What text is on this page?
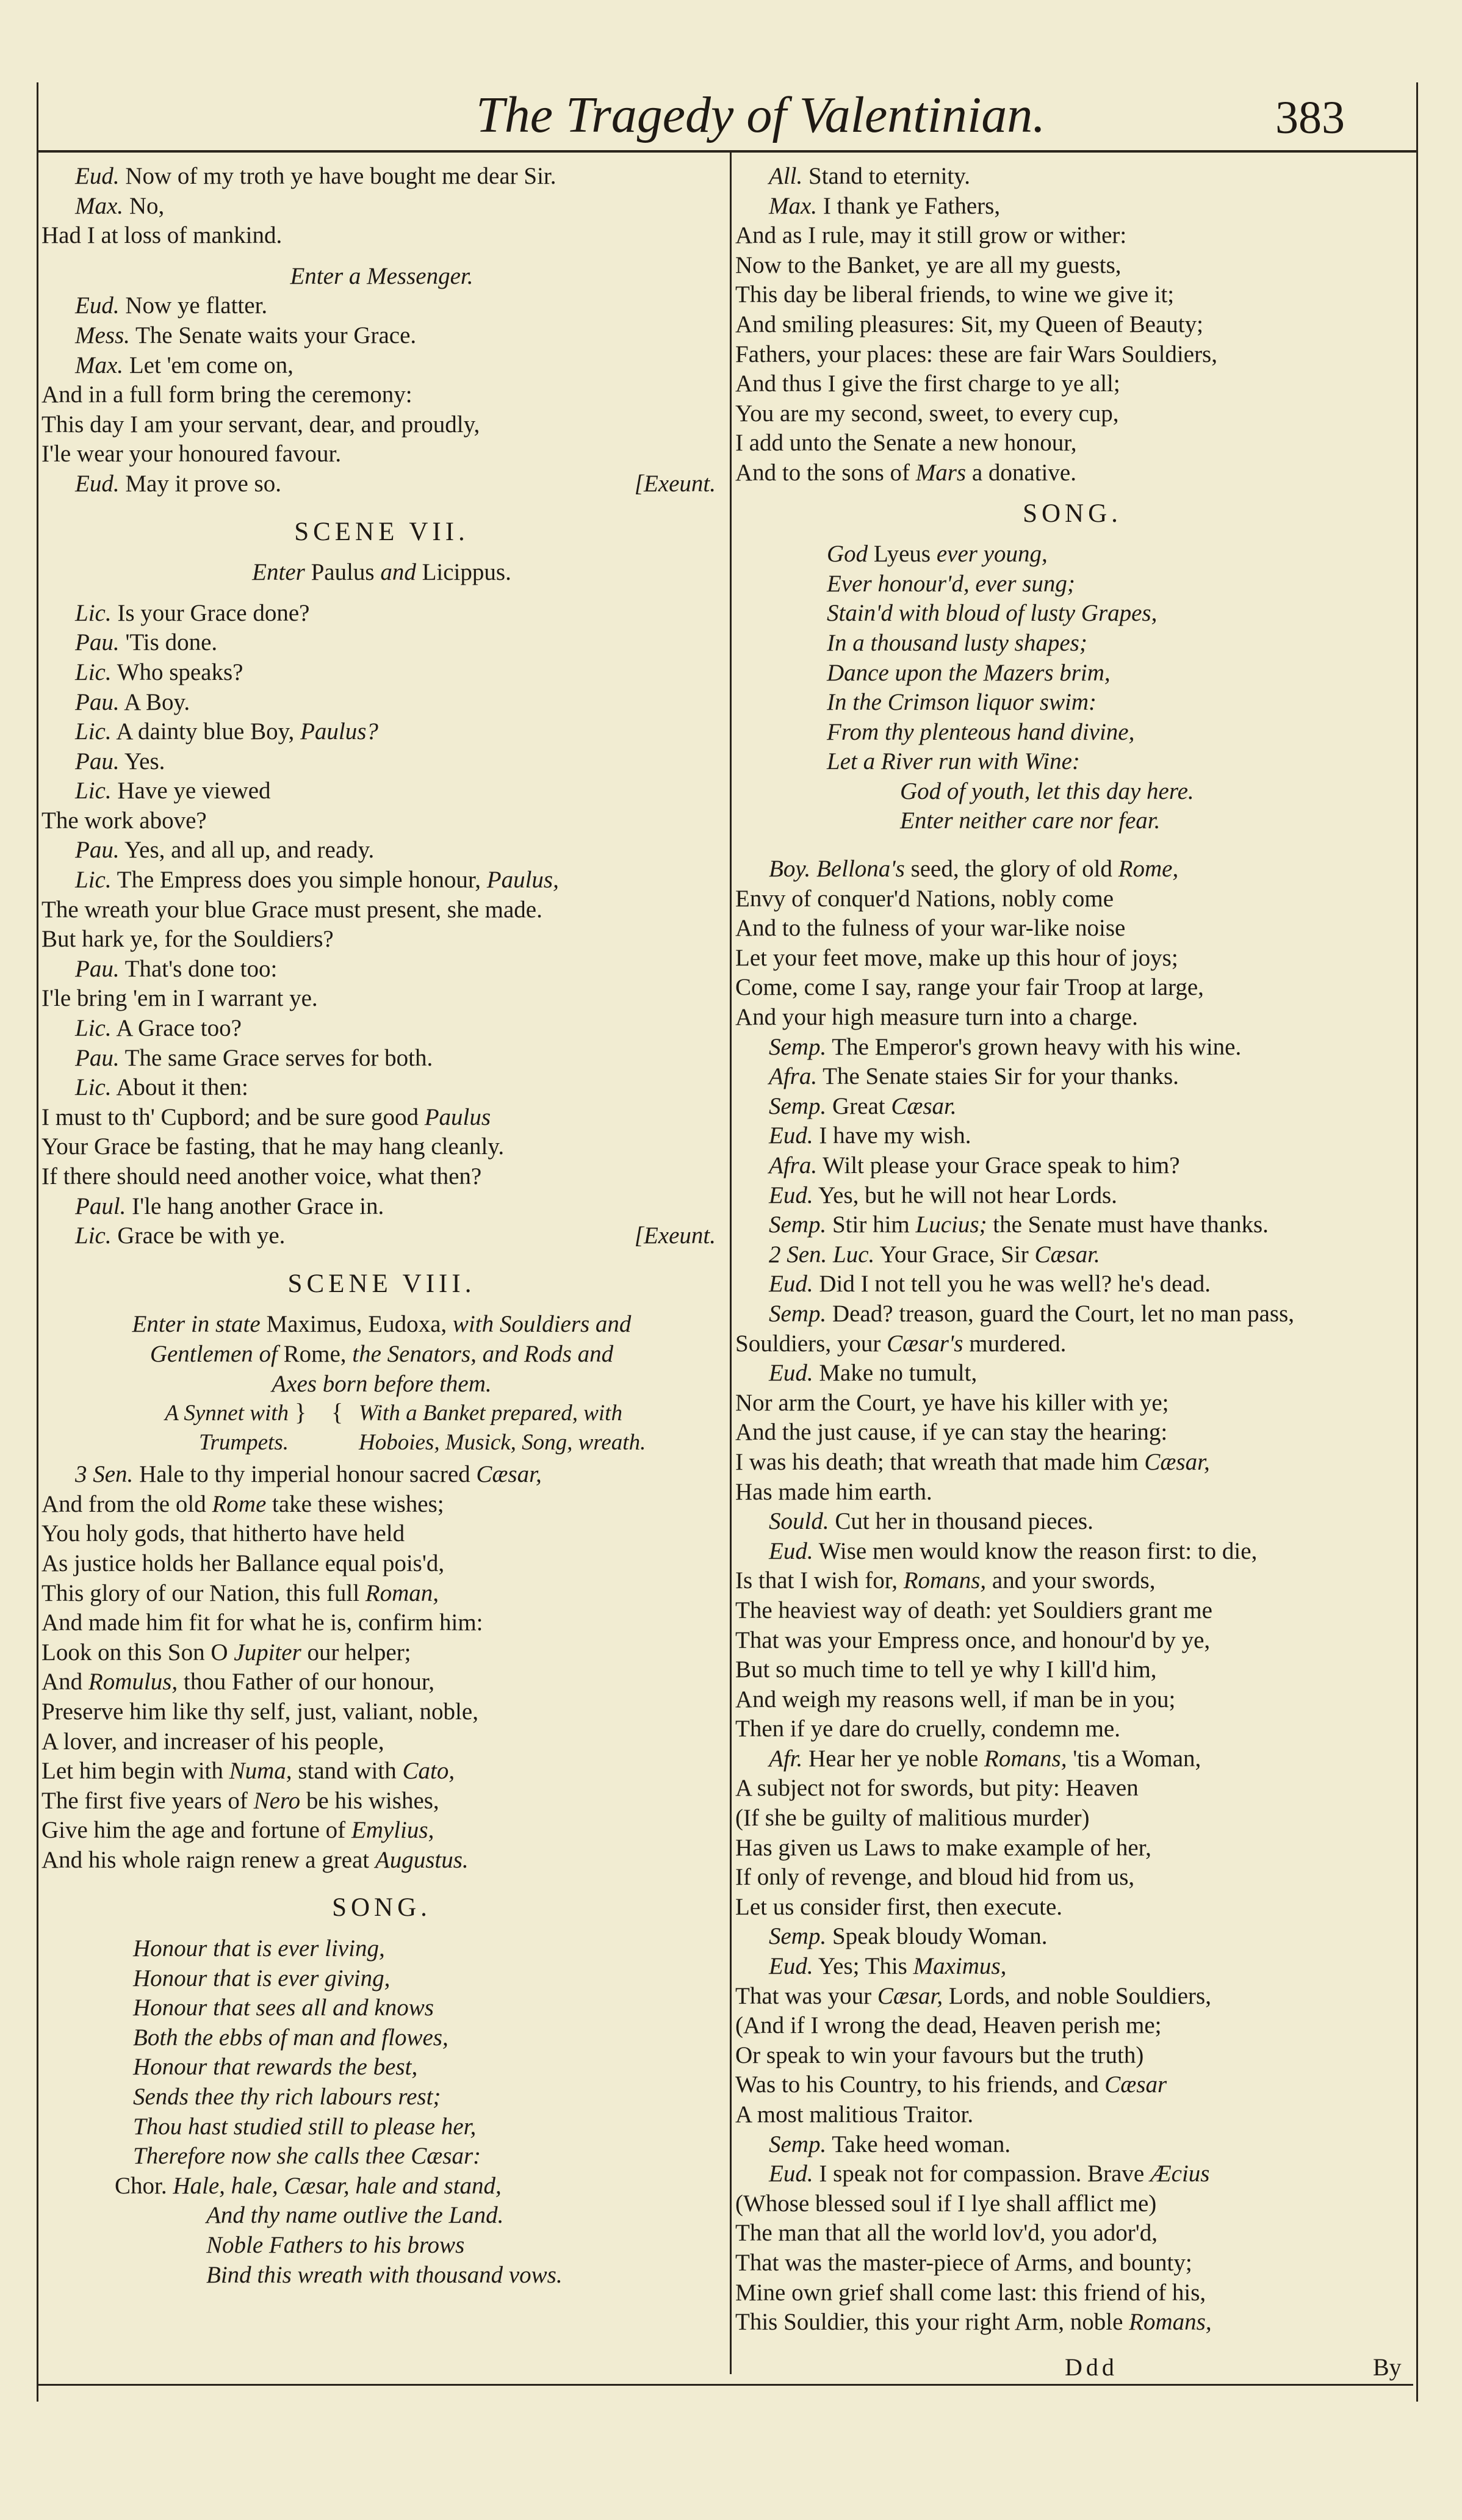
The Tragedy of Valentinian.	383
Eud. Now of my troth ye have bought me dear Sir.
Max. No,
Had I at loss of mankind.
Enter a Messenger.
Eud. Now ye flatter.
Mess. The Senate waits your Grace.
Max. Let 'em come on,
And in a full form bring the ceremony:
This day I am your servant, dear, and proudly,
I'le wear your honoured favour.
Eud. May it prove so.	[Exeunt.
SCENE VII.
Enter Paulus and Licippus.
Lic. Is your Grace done?
Pau. 'Tis done.
Lic. Who speaks?
Pau. A Boy.
Lic. A dainty blue Boy, Paulus?
Pau. Yes.
Lic. Have ye viewed
The work above?
Pau. Yes, and all up, and ready.
Lic. The Empress does you simple honour, Paulus,
The wreath your blue Grace must present, she made.
But hark ye, for the Souldiers?
Pau. That's done too:
I'le bring 'em in I warrant ye.
Lic. A Grace too?
Pau. The same Grace serves for both.
Lic. About it then:
I must to th' Cupbord; and be sure good Paulus
Your Grace be fasting, that he may hang cleanly.
If there should need another voice, what then?
Paul. I'le hang another Grace in.
Lic. Grace be with ye.	[Exeunt.
SCENE VIII.
Enter in state Maximus, Eudoxa, with Souldiers and
Gentlemen of Rome, the Senators, and Rods and
Axes born before them.
A Synnet with
Trumpets.
} { With a Banket prepared, with
Hoboies, Musick, Song, wreath.
3 Sen. Hale to thy imperial honour sacred Cæsar,
And from the old Rome take these wishes;
You holy gods, that hitherto have held
As justice holds her Ballance equal pois'd,
This glory of our Nation, this full Roman,
And made him fit for what he is, confirm him:
Look on this Son O Jupiter our helper;
And Romulus, thou Father of our honour,
Preserve him like thy self, just, valiant, noble,
A lover, and increaser of his people,
Let him begin with Numa, stand with Cato,
The first five years of Nero be his wishes,
Give him the age and fortune of Emylius,
And his whole raign renew a great Augustus.
SONG.
Honour that is ever living,
Honour that is ever giving,
Honour that sees all and knows
Both the ebbs of man and flowes,
Honour that rewards the best,
Sends thee thy rich labours rest;
Thou hast studied still to please her,
Therefore now she calls thee Cæsar:
Chor. Hale, hale, Cæsar, hale and stand,
And thy name outlive the Land.
Noble Fathers to his brows
Bind this wreath with thousand vows.
All. Stand to eternity.
Max. I thank ye Fathers,
And as I rule, may it still grow or wither:
Now to the Banket, ye are all my guests,
This day be liberal friends, to wine we give it;
And smiling pleasures: Sit, my Queen of Beauty;
Fathers, your places: these are fair Wars Souldiers,
And thus I give the first charge to ye all;
You are my second, sweet, to every cup,
I add unto the Senate a new honour,
And to the sons of Mars a donative.
SONG.
God Lyeus ever young,
Ever honour'd, ever sung;
Stain'd with bloud of lusty Grapes,
In a thousand lusty shapes;
Dance upon the Mazers brim,
In the Crimson liquor swim:
From thy plenteous hand divine,
Let a River run with Wine:
God of youth, let this day here.
Enter neither care nor fear.
Boy. Bellona's seed, the glory of old Rome,
Envy of conquer'd Nations, nobly come
And to the fulness of your war-like noise
Let your feet move, make up this hour of joys;
Come, come I say, range your fair Troop at large,
And your high measure turn into a charge.
Semp. The Emperor's grown heavy with his wine.
Afra. The Senate staies Sir for your thanks.
Semp. Great Cæsar.
Eud. I have my wish.
Afra. Wilt please your Grace speak to him?
Eud. Yes, but he will not hear Lords.
Semp. Stir him Lucius; the Senate must have thanks.
2 Sen. Luc. Your Grace, Sir Cæsar.
Eud. Did I not tell you he was well? he's dead.
Semp. Dead? treason, guard the Court, let no man pass,
Souldiers, your Cæsar's murdered.
Eud. Make no tumult,
Nor arm the Court, ye have his killer with ye;
And the just cause, if ye can stay the hearing:
I was his death; that wreath that made him Cæsar,
Has made him earth.
Sould. Cut her in thousand pieces.
Eud. Wise men would know the reason first: to die,
Is that I wish for, Romans, and your swords,
The heaviest way of death: yet Souldiers grant me
That was your Empress once, and honour'd by ye,
But so much time to tell ye why I kill'd him,
And weigh my reasons well, if man be in you;
Then if ye dare do cruelly, condemn me.
Afr. Hear her ye noble Romans, 'tis a Woman,
A subject not for swords, but pity: Heaven
(If she be guilty of malitious murder)
Has given us Laws to make example of her,
If only of revenge, and bloud hid from us,
Let us consider first, then execute.
Semp. Speak bloudy Woman.
Eud. Yes; This Maximus,
That was your Cæsar, Lords, and noble Souldiers,
(And if I wrong the dead, Heaven perish me;
Or speak to win your favours but the truth)
Was to his Country, to his friends, and Cæsar
A most malitious Traitor.
Semp. Take heed woman.
Eud. I speak not for compassion. Brave Æcius
(Whose blessed soul if I lye shall afflict me)
The man that all the world lov'd, you ador'd,
That was the master-piece of Arms, and bounty;
Mine own grief shall come last: this friend of his,
This Souldier, this your right Arm, noble Romans,
Ddd	By
